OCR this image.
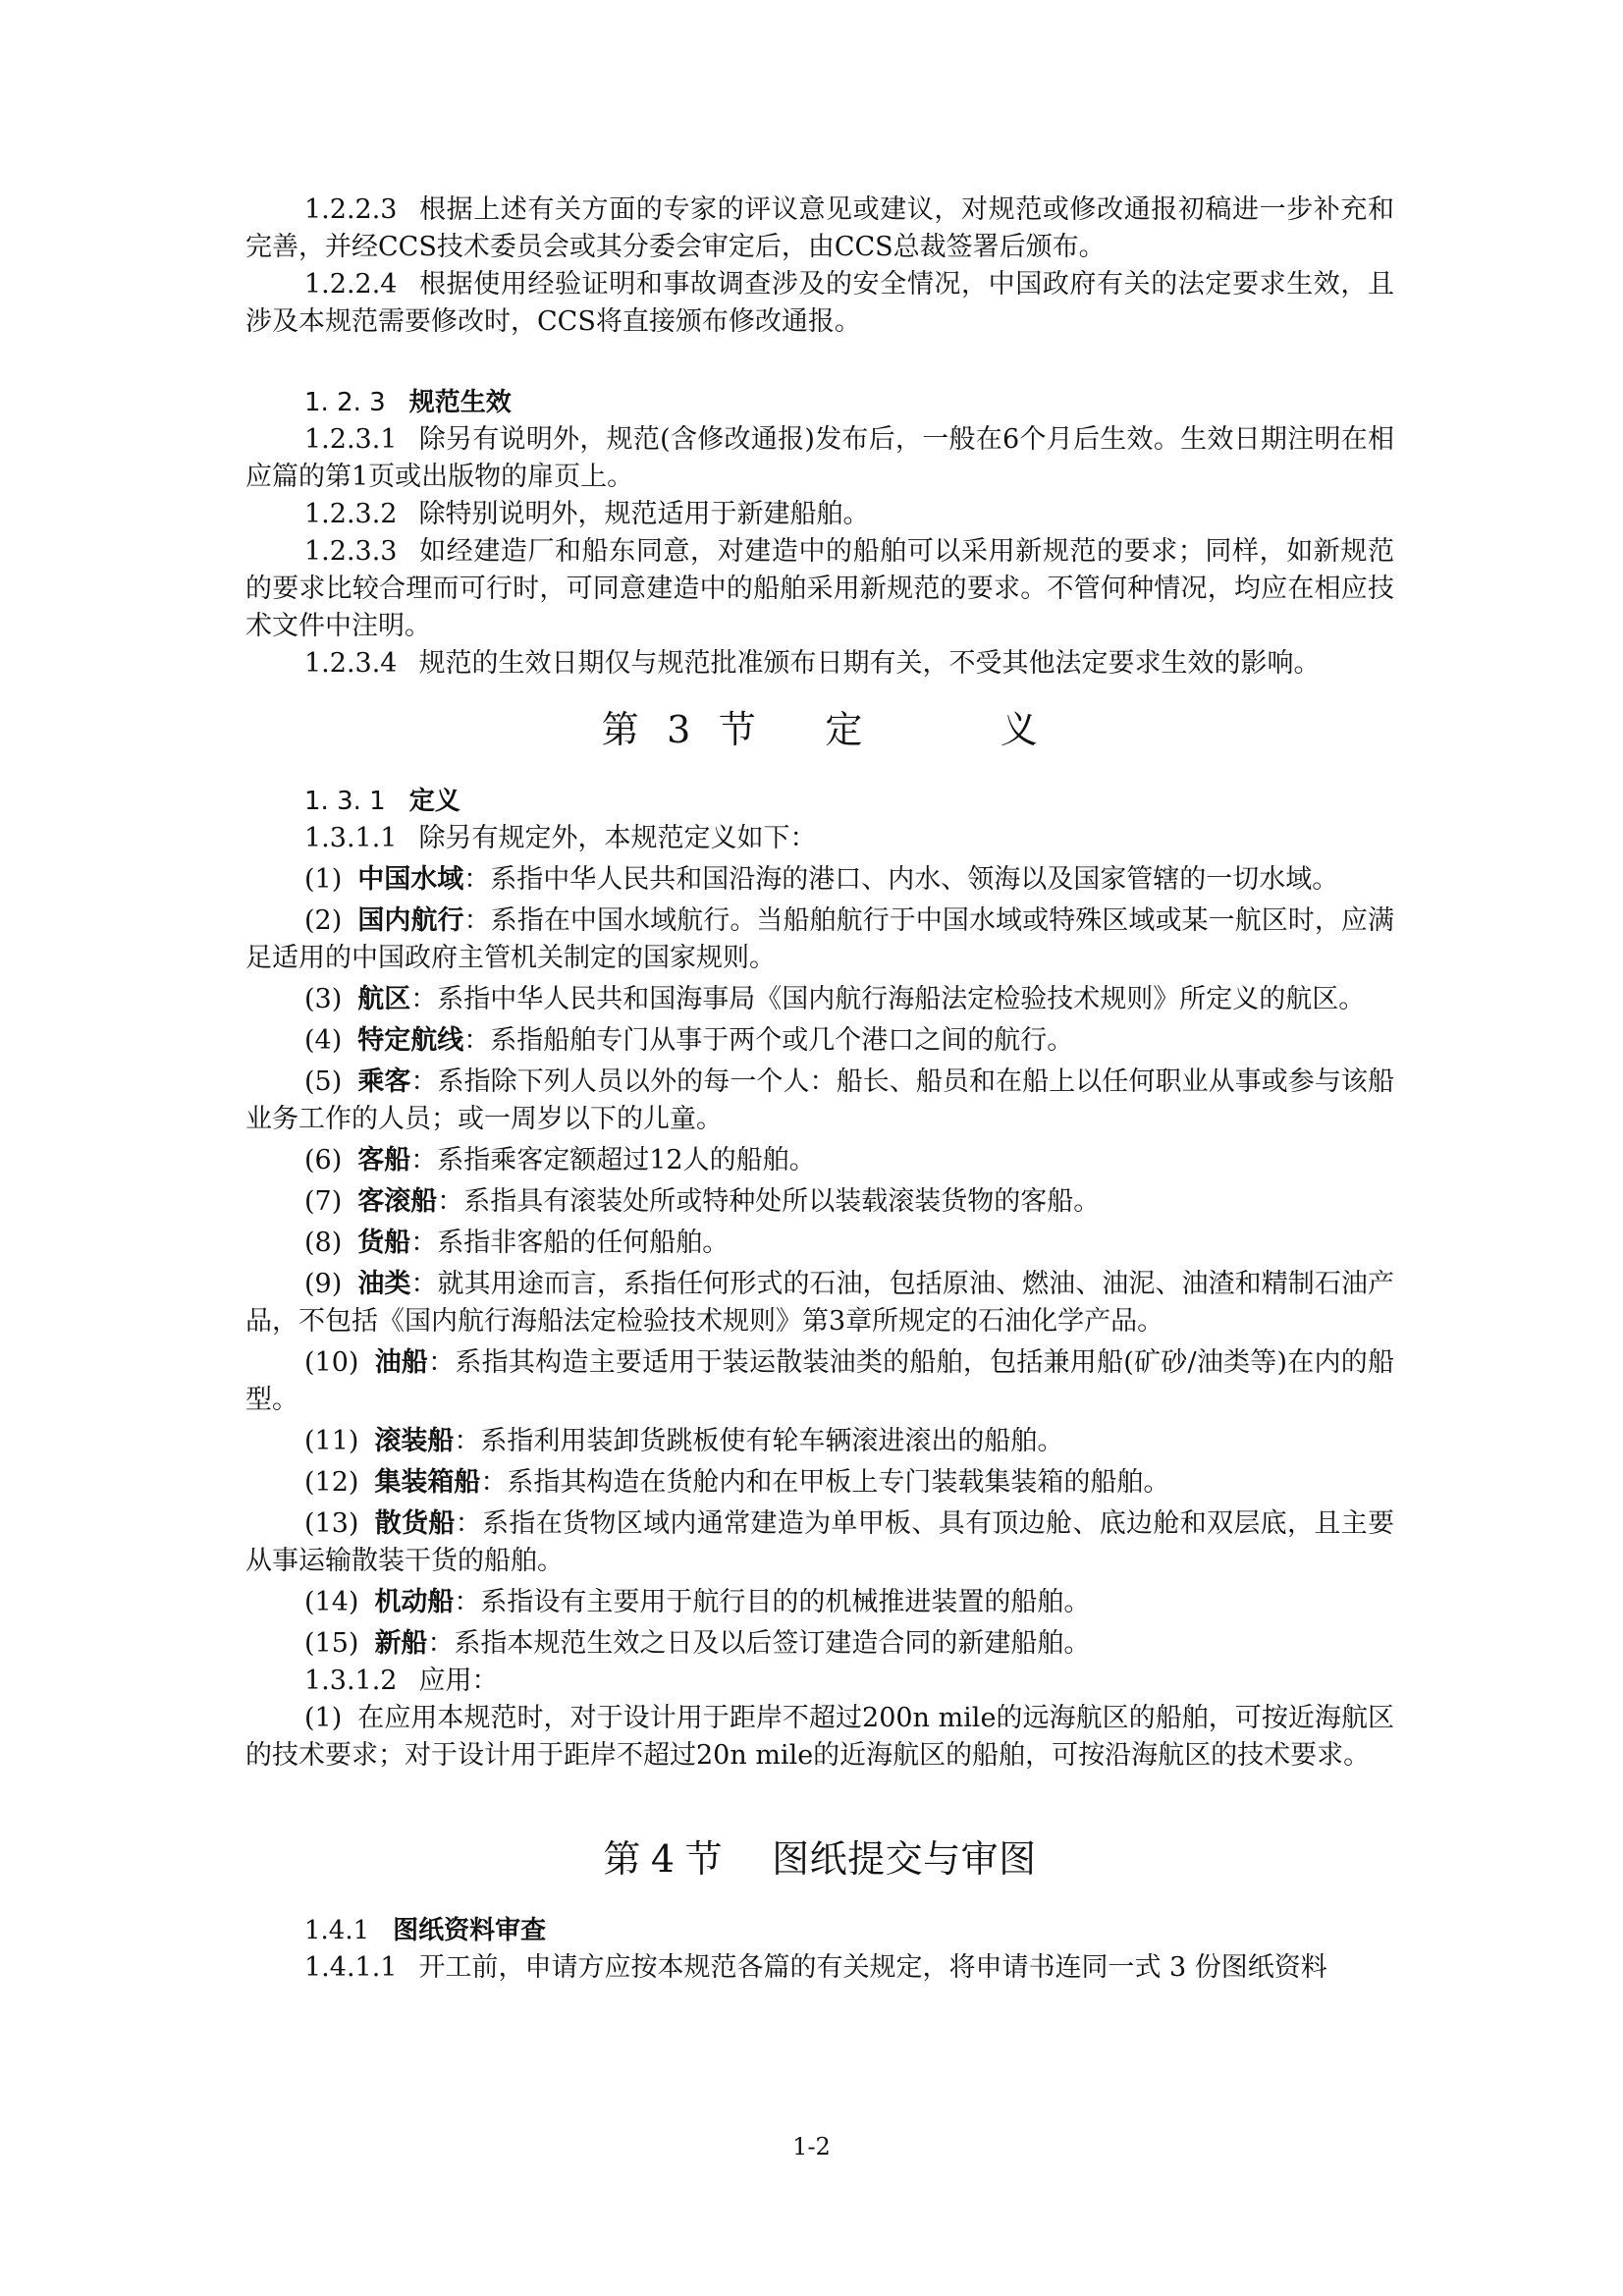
1.2.2.3 根据上述有关方面的专家的评议意见或建议，对规范或修改通报初稿进一步补充和完善，并经CCS技术委员会或其分委会审定后，由CCS总裁签署后颁布。

1.2.2.4 根据使用经验证明和事故调查涉及的安全情况，中国政府有关的法定要求生效，且涉及本规范需要修改时，CCS将直接颁布修改通报。

1. 2. 3 规范生效

1.2.3.1 除另有说明外，规范(含修改通报)发布后，一般在6个月后生效。生效日期注明在相应篇的第1页或出版物的扉页上。

1.2.3.2 除特别说明外，规范适用于新建船舶。

1.2.3.3 如经建造厂和船东同意，对建造中的船舶可以采用新规范的要求；同样，如新规范的要求比较合理而可行时，可同意建造中的船舶采用新规范的要求。不管何种情况，均应在相应技术文件中注明。

1.2.3.4 规范的生效日期仅与规范批准颁布日期有关，不受其他法定要求生效的影响。

第 3 节 定	义
1. 3. 1 定义

1.3.1.1 除另有规定外，本规范定义如下：

(1) 中国水域：系指中华人民共和国沿海的港口、内水、领海以及国家管辖的一切水域。

(2) 国内航行：系指在中国水域航行。当船舶航行于中国水域或特殊区域或某一航区时，应满足适用的中国政府主管机关制定的国家规则。

(3) 航区：系指中华人民共和国海事局《国内航行海船法定检验技术规则》所定义的航区。

(4) 特定航线：系指船舶专门从事于两个或几个港口之间的航行。

(5) 乘客：系指除下列人员以外的每一个人：船长、船员和在船上以任何职业从事或参与该船业务工作的人员；或一周岁以下的儿童。

(6) 客船：系指乘客定额超过12人的船舶。

(7) 客滚船：系指具有滚装处所或特种处所以装载滚装货物的客船。

(8) 货船：系指非客船的任何船舶。

(9) 油类：就其用途而言，系指任何形式的石油，包括原油、燃油、油泥、油渣和精制石油产品，不包括《国内航行海船法定检验技术规则》第3章所规定的石油化学产品。

(10) 油船：系指其构造主要适用于装运散装油类的船舶，包括兼用船(矿砂/油类等)在内的船型。

(11) 滚装船：系指利用装卸货跳板使有轮车辆滚进滚出的船舶。

(12) 集装箱船：系指其构造在货舱内和在甲板上专门装载集装箱的船舶。

(13) 散货船：系指在货物区域内通常建造为单甲板、具有顶边舱、底边舱和双层底，且主要从事运输散装干货的船舶。

(14) 机动船：系指设有主要用于航行目的的机械推进装置的船舶。

(15) 新船：系指本规范生效之日及以后签订建造合同的新建船舶。

1.3.1.2 应用：

(1) 在应用本规范时，对于设计用于距岸不超过200n mile的远海航区的船舶，可按近海航区的技术要求；对于设计用于距岸不超过20n mile的近海航区的船舶，可按沿海航区的技术要求。

第 4 节 图纸提交与审图
1.4.1 图纸资料审查

1.4.1.1 开工前，申请方应按本规范各篇的有关规定，将申请书连同一式 3 份图纸资料

1-2
